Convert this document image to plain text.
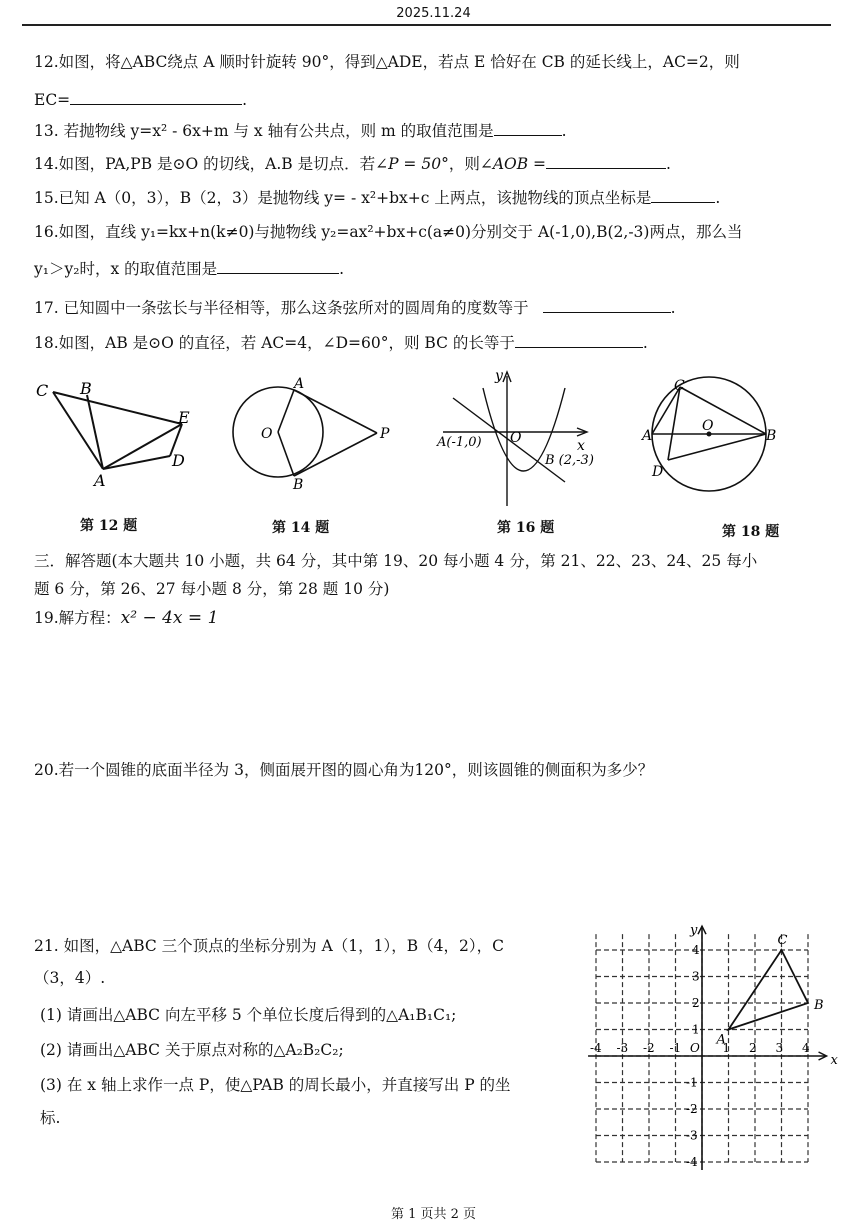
2025.11.24
12.如图，将△ABC绕点 A 顺时针旋转 90°，得到△ADE，若点 E 恰好在 CB 的延长线上，AC=2，则
EC=	.
13. 若抛物线 y=x² - 6x+m 与 x 轴有公共点，则 m 的取值范围是	.
14.如图，PA,PB 是⊙O 的切线，A.B 是切点．若∠P = 50°，则∠AOB =	.
15.已知 A（0，3），B（2，3）是抛物线 y= - x²+bx+c 上两点，该抛物线的顶点坐标是	.
16.如图，直线 y₁=kx+n(k≠0)与抛物线 y₂=ax²+bx+c(a≠0)分别交于 A(-1,0),B(2,-3)两点，那么当
y₁＞y₂时，x 的取值范围是	.
17. 已知圆中一条弦长与半径相等，那么这条弦所对的圆周角的度数等于	.
18.如图，AB 是⊙O 的直径，若 AC=4，∠D=60°，则 BC 的长等于	.
C B
E
D
A
第 12 题
A
O	P
B
第 14 题
y
x
O
A(-1,0)
B (2,-3)
第 16 题
C
O
A	B
D
第 18 题
三．解答题(本大题共 10 小题，共 64 分，其中第 19、20 每小题 4 分，第 21、22、23、24、25 每小
题 6 分，第 26、27 每小题 8 分，第 28 题 10 分)
19.解方程：x² − 4x = 1
20.若一个圆锥的底面半径为 3，侧面展开图的圆心角为120°，则该圆锥的侧面积为多少？
21. 如图，△ABC 三个顶点的坐标分别为 A（1，1），B（4，2），C
（3，4）.
(1) 请画出△ABC 向左平移 5 个单位长度后得到的△A₁B₁C₁;
(2) 请画出△ABC 关于原点对称的△A₂B₂C₂;
(3) 在 x 轴上求作一点 P，使△PAB 的周长最小，并直接写出 P 的坐
标.
x
y
-4 -3 -2 -1 O 1 2 3 4
4
3
2
1
-1
-2
-3
-4
A
B
C
第 1 页共 2 页
